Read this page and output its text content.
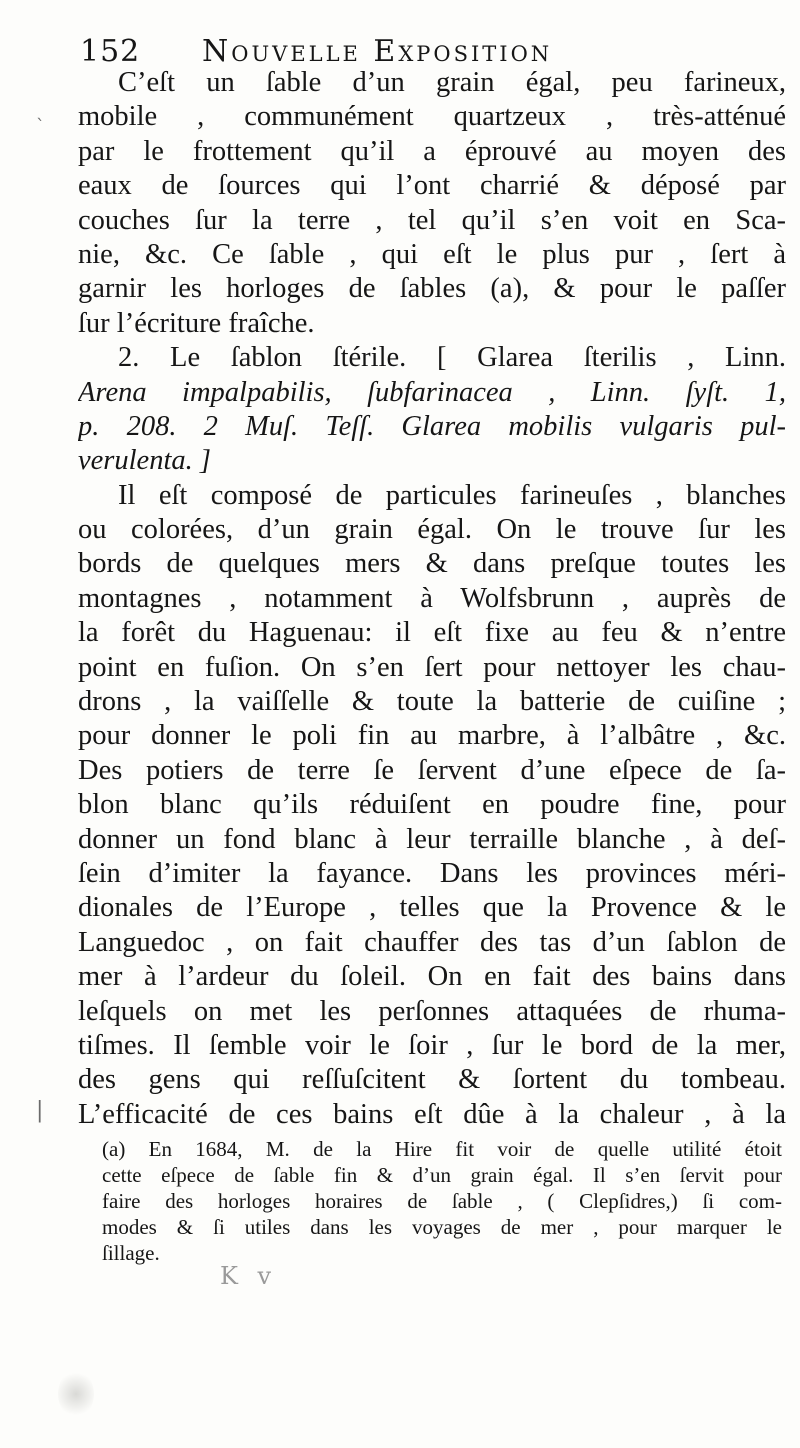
152 Nouvelle Exposition
ˋ
|
C’eſt un ſable d’un grain égal, peu farineux,
mobile , communément quartzeux , très-atténué
par le frottement qu’il a éprouvé au moyen des
eaux de ſources qui l’ont charrié & déposé par
couches ſur la terre , tel qu’il s’en voit en Sca-
nie, &c. Ce ſable , qui eſt le plus pur , ſert à
garnir les horloges de ſables (a), & pour le paſſer
ſur l’écriture fraîche.
2. Le ſablon ſtérile. [ Glarea ſterilis , Linn.
Arena impalpabilis, ſubfarinacea , Linn. ſyſt. 1,
p. 208. 2 Muſ. Teſſ. Glarea mobilis vulgaris pul-
verulenta. ]
Il eſt composé de particules farineuſes , blanches
ou colorées, d’un grain égal. On le trouve ſur les
bords de quelques mers & dans preſque toutes les
montagnes , notamment à Wolfsbrunn , auprès de
la forêt du Haguenau: il eſt fixe au feu & n’entre
point en fuſion. On s’en ſert pour nettoyer les chau-
drons , la vaiſſelle & toute la batterie de cuiſine ;
pour donner le poli fin au marbre, à l’albâtre , &c.
Des potiers de terre ſe ſervent d’une eſpece de ſa-
blon blanc qu’ils réduiſent en poudre fine, pour
donner un fond blanc à leur terraille blanche , à deſ-
ſein d’imiter la fayance. Dans les provinces méri-
dionales de l’Europe , telles que la Provence & le
Languedoc , on fait chauffer des tas d’un ſablon de
mer à l’ardeur du ſoleil. On en fait des bains dans
leſquels on met les perſonnes attaquées de rhuma-
tiſmes. Il ſemble voir le ſoir , ſur le bord de la mer,
des gens qui reſſuſcitent & ſortent du tombeau.
L’efficacité de ces bains eſt dûe à la chaleur , à la
(a) En 1684, M. de la Hire fit voir de quelle utilité étoit
cette eſpece de ſable fin & d’un grain égal. Il s’en ſervit pour
faire des horloges horaires de ſable , ( Clepſidres,) ſi com-
modes & ſi utiles dans les voyages de mer , pour marquer le
ſillage.
K v
